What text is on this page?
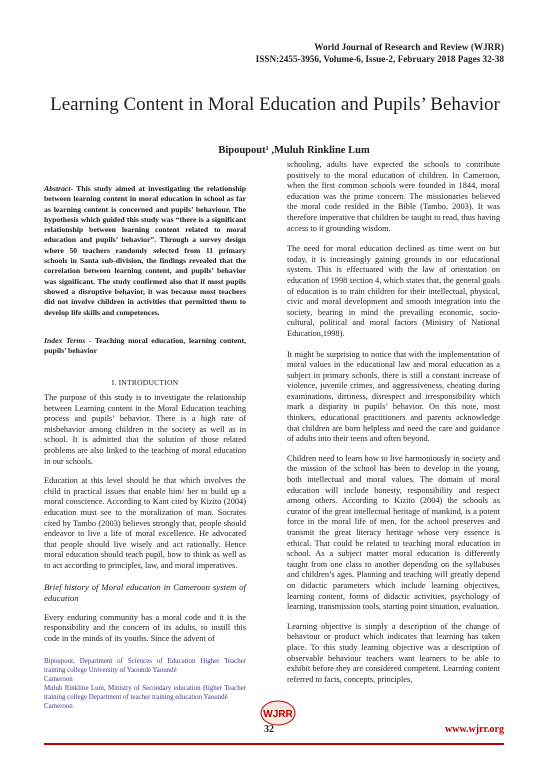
World Journal of Research and Review (WJRR)
ISSN:2455-3956, Volume-6, Issue-2, February 2018 Pages 32-38
Learning Content in Moral Education and Pupils’ Behavior
Bipoupout¹ ,Muluh Rinkline Lum

Abstract- This study aimed at investigating the relationship between learning content in moral education in school as far as learning content is concerned and pupils’ behaviour. The hypothesis which guided this study was “there is a significant relationship between learning content related to moral education and pupils’ behavior”. Through a survey design where 50 teachers randomly selected from 11 primary schools in Santa sub-division, the findings revealed that the correlation between learning content, and pupils’ behavior was significant. The study confirmed also that if most pupils showed a disruptive behavior, it was because most teachers did not involve children in activities that permitted them to develop life skills and competences.

Index Terms - Teaching moral education, learning content, pupils’ behavior

I. INTRODUCTION

The purpose of this study is to investigate the relationship between Learning content in the Moral Education teaching process and pupils’ behavior. There is a high rate of misbehavior among children in the society as well as in school. It is admitted that the solution of those related problems are also linked to the teaching of moral education in our schools.

Education at this level should be that which involves the child in practical issues that enable him/ her to build up a moral conscience. According to Kant cited by Kizito (2004) education must see to the moralization of man. Socrates cited by Tambo (2003) believes strongly that, people should endeavor to live a life of moral excellence. He advocated that people should live wisely and act rationally. Hence moral education should teach pupil, how to think as well as to act according to principles, law, and moral imperatives.

Brief history of Moral education in Cameroon system of education

Every enduring community has a moral code and it is the responsibility and the concern of its adults, to instill this code in the minds of its youths. Since the advent of

Bipoupout, Department of Sciences of Education Higher Teacher training college University of Yaoundé Yaoundé

Cameroon

Muluh Rinkline Lum, Ministry of Secondary education Higher Teacher training college Department of teacher training education Yaoundé

Cameroon

schooling, adults have expected the schools to contribute positively to the moral education of children. In Cameroon, when the first common schools were founded in 1844, moral education was the prime concern. The missionaries believed the moral code resided in the Bible (Tambo, 2003). It was therefore imperative that children be taught to read, thus having access to it grounding wisdom.

The need for moral education declined as time went on but today, it is increasingly gaining grounds in our educational system. This is effectuated with the law of orientation on education of 1998 section 4, which states that, the general goals of education is to train children for their intellectual, physical, civic and moral development and smooth integration into the society, bearing in mind the prevailing economic, socio- cultural, political and moral factors (Ministry of National Education,1998).

It might be surprising to notice that with the implementation of moral values in the educational law and moral education as a subject in primary schools, there is still a constant increase of violence, juvenile crimes, and aggressiveness, cheating during examinations, dirtiness, disrespect and irresponsibility which mark a disparity in pupils’ behavior. On this note, most thinkers, educational practitioners and parents acknowledge that children are born helpless and need the care and guidance of adults into their teens and often beyond.

Children need to learn how to live harmoniously in society and the mission of the school has been to develop in the young, both intellectual and moral values. The domain of moral education will include honesty, responsibility and respect among others. According to Kizito (2004) the schools as curator of the great intellectual heritage of mankind, is a potent force in the moral life of men, for the school preserves and transmit the great literacy heritage whose very essence is ethical. That could be related to teaching moral education in school. As a subject matter moral education is differently taught from one class to another depending on the syllabuses and children’s ages. Planning and teaching will greatly depend on didactic parameters which include learning objectives, learning content, forms of didactic activities, psychology of learning, transmission tools, starting point situation, evaluation.

Learning objective is simply a description of the change of behaviour or product which indicates that learning has taken place. To this study learning objective was a description of observable behaviour teachers want learners to be able to exhibit before they are considered competent. Learning content referred to facts, concepts, principles,

WJRR
32	www.wjrr.org
